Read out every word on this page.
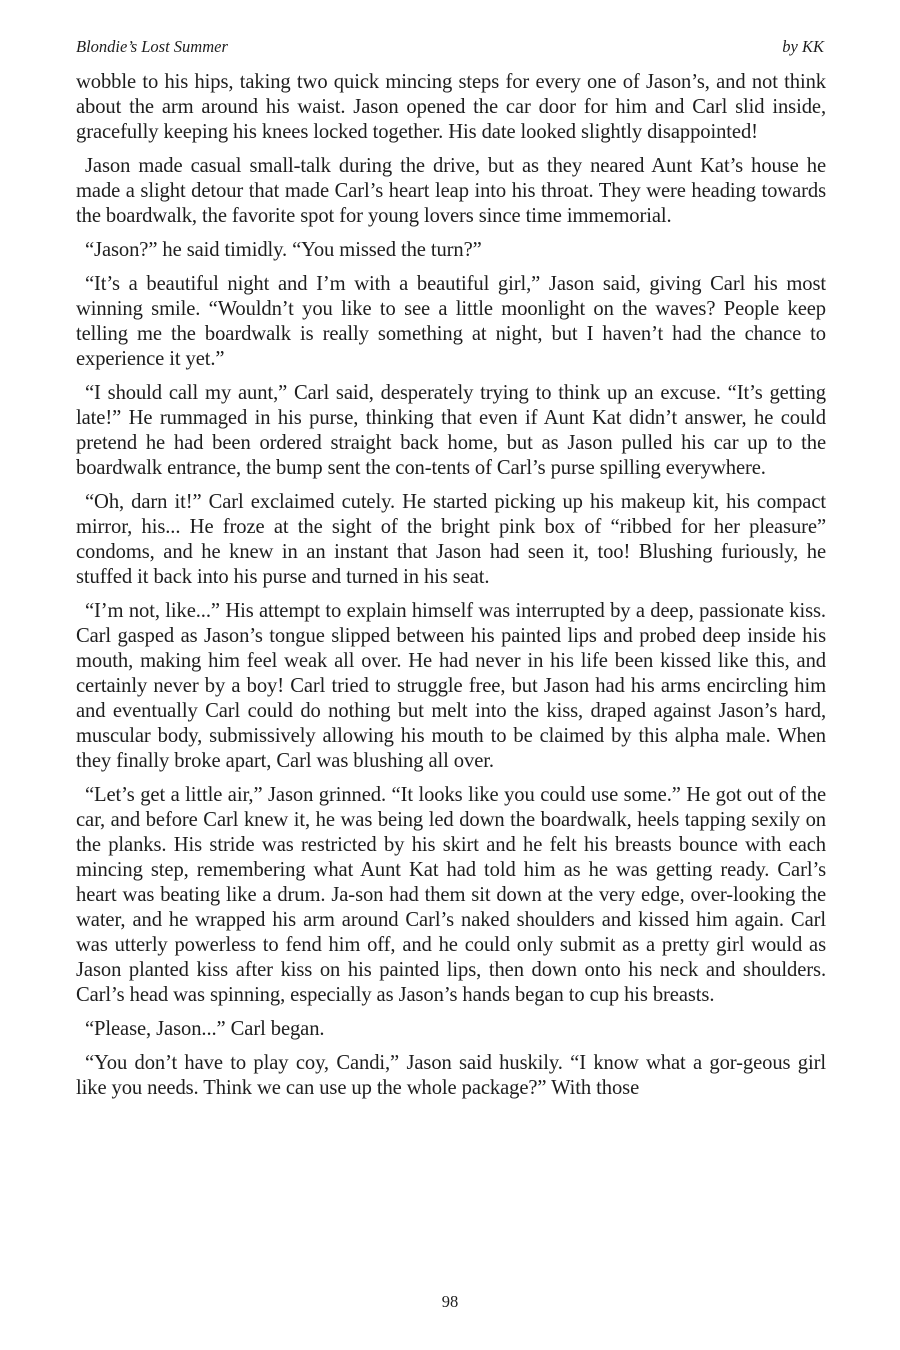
Blondie’s Lost Summer	by KK

wobble to his hips, taking two quick mincing steps for every one of Jason’s, and not think about the arm around his waist. Jason opened the car door for him and Carl slid inside, gracefully keeping his knees locked together. His date looked slightly disappointed!

Jason made casual small-talk during the drive, but as they neared Aunt Kat’s house he made a slight detour that made Carl’s heart leap into his throat. They were heading towards the boardwalk, the favorite spot for young lovers since time immemorial.

“Jason?” he said timidly. “You missed the turn?”

“It’s a beautiful night and I’m with a beautiful girl,” Jason said, giving Carl his most winning smile. “Wouldn’t you like to see a little moonlight on the waves? People keep telling me the boardwalk is really something at night, but I haven’t had the chance to experience it yet.”

“I should call my aunt,” Carl said, desperately trying to think up an excuse. “It’s getting late!” He rummaged in his purse, thinking that even if Aunt Kat didn’t answer, he could pretend he had been ordered straight back home, but as Jason pulled his car up to the boardwalk entrance, the bump sent the con-tents of Carl’s purse spilling everywhere.

“Oh, darn it!” Carl exclaimed cutely. He started picking up his makeup kit, his compact mirror, his... He froze at the sight of the bright pink box of “ribbed for her pleasure” condoms, and he knew in an instant that Jason had seen it, too! Blushing furiously, he stuffed it back into his purse and turned in his seat.

“I’m not, like...” His attempt to explain himself was interrupted by a deep, passionate kiss. Carl gasped as Jason’s tongue slipped between his painted lips and probed deep inside his mouth, making him feel weak all over. He had never in his life been kissed like this, and certainly never by a boy! Carl tried to struggle free, but Jason had his arms encircling him and eventually Carl could do nothing but melt into the kiss, draped against Jason’s hard, muscular body, submissively allowing his mouth to be claimed by this alpha male. When they finally broke apart, Carl was blushing all over.

“Let’s get a little air,” Jason grinned. “It looks like you could use some.” He got out of the car, and before Carl knew it, he was being led down the boardwalk, heels tapping sexily on the planks. His stride was restricted by his skirt and he felt his breasts bounce with each mincing step, remembering what Aunt Kat had told him as he was getting ready. Carl’s heart was beating like a drum. Ja-son had them sit down at the very edge, over-looking the water, and he wrapped his arm around Carl’s naked shoulders and kissed him again. Carl was utterly powerless to fend him off, and he could only submit as a pretty girl would as Jason planted kiss after kiss on his painted lips, then down onto his neck and shoulders. Carl’s head was spinning, especially as Jason’s hands began to cup his breasts.

“Please, Jason...” Carl began.

“You don’t have to play coy, Candi,” Jason said huskily. “I know what a gor-geous girl like you needs. Think we can use up the whole package?” With those

98
